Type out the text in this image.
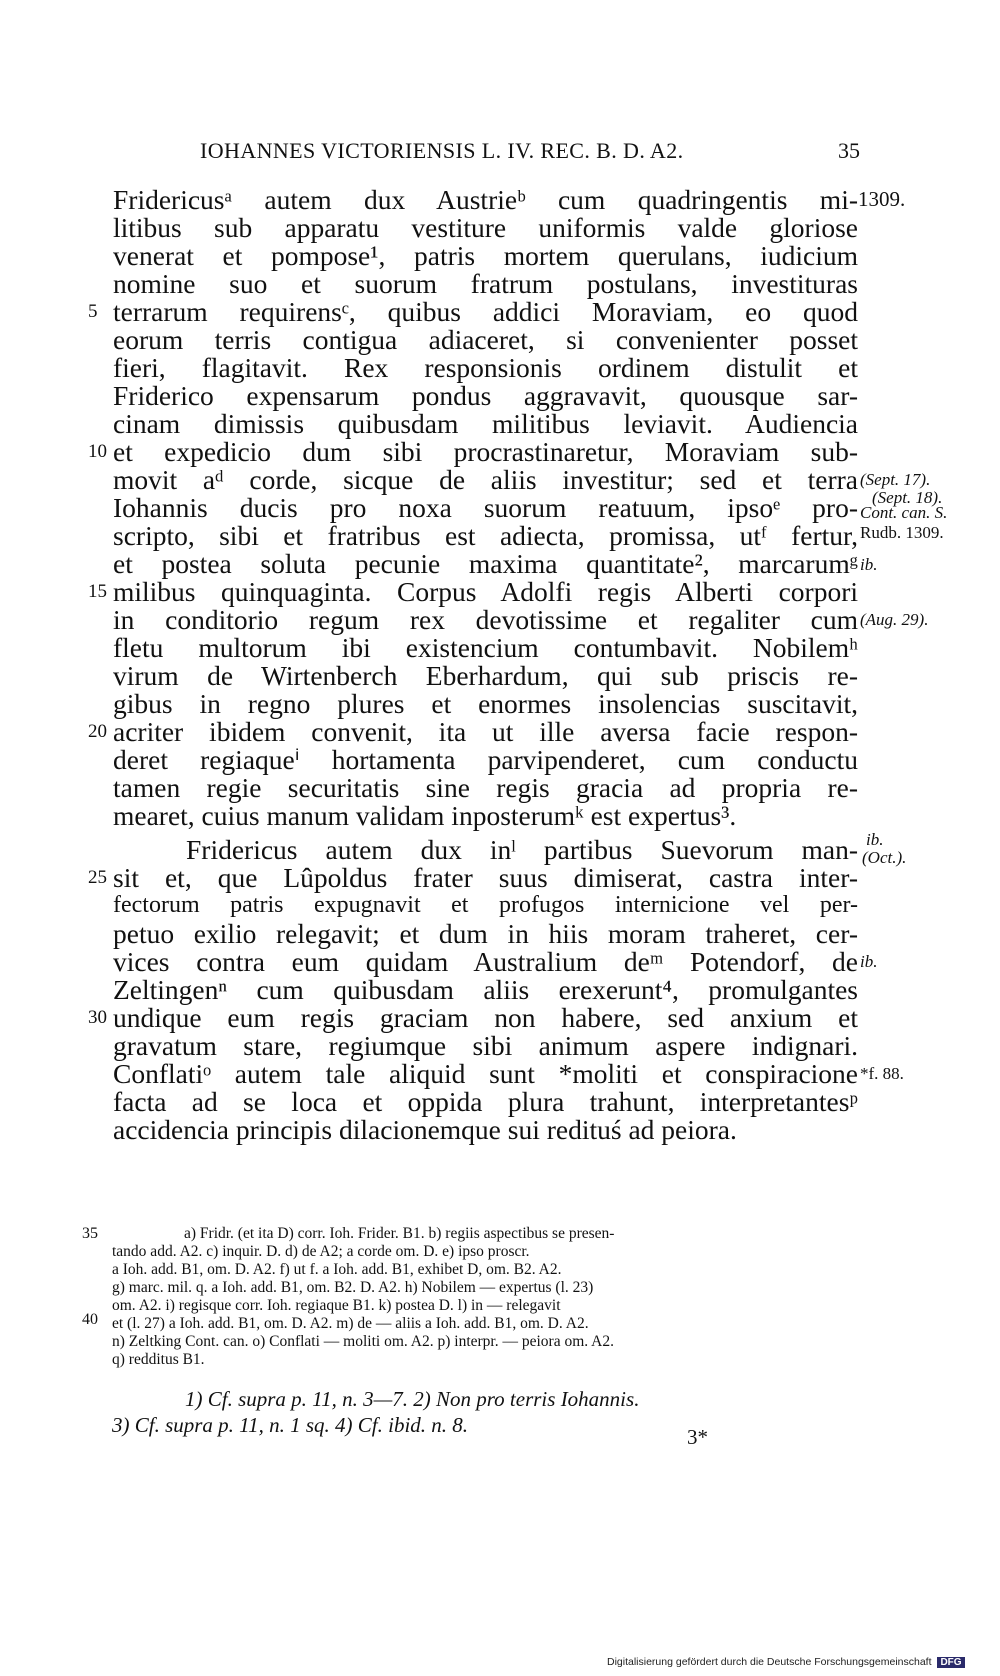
IOHANNES VICTORIENSIS L. IV. REC. B. D. A2.	35
Fridericusᵃ autem dux Austrieᵇ cum quadringentis mi-
litibus sub apparatu vestiture uniformis valde gloriose
venerat et pompose¹, patris mortem querulans, iudicium
nomine suo et suorum fratrum postulans, investituras
terrarum requirensᶜ, quibus addici Moraviam, eo quod
eorum terris contigua adiaceret, si convenienter posset
fieri, flagitavit. Rex responsionis ordinem distulit et
Friderico expensarum pondus aggravavit, quousque sar-
cinam dimissis quibusdam militibus leviavit. Audiencia
et expedicio dum sibi procrastinaretur, Moraviam sub-
movit aᵈ corde, sicque de aliis investitur; sed et terra
Iohannis ducis pro noxa suorum reatuum, ipsoᵉ pro-
scripto, sibi et fratribus est adiecta, promissa, utᶠ fertur,
et postea soluta pecunie maxima quantitate², marcarumᵍ
milibus quinquaginta. Corpus Adolfi regis Alberti corpori
in conditorio regum rex devotissime et regaliter cum
fletu multorum ibi existencium contumbavit. Nobilemʰ
virum de Wirtenberch Eberhardum, qui sub priscis re-
gibus in regno plures et enormes insolencias suscitavit,
acriter ibidem convenit, ita ut ille aversa facie respon-
deret regiaqueⁱ hortamenta parvipenderet, cum conductu
tamen regie securitatis sine regis gracia ad propria re-
mearet, cuius manum validam inposterumᵏ est expertus³.
Fridericus autem dux inˡ partibus Suevorum man-
sit et, que Lûpoldus frater suus dimiserat, castra inter-
fectorum patris expugnavit et profugos internicione vel per-
petuo exilio relegavit; et dum in hiis moram traheret, cer-
vices contra eum quidam Australium deᵐ Potendorf, de
Zeltingenⁿ cum quibusdam aliis erexerunt⁴, promulgantes
undique eum regis graciam non habere, sed anxium et
gravatum stare, regiumque sibi animum aspere indignari.
Conflatiᵒ autem tale aliquid sunt *moliti et conspiracione
facta ad se loca et oppida plura trahunt, interpretantesᵖ
accidencia principis dilacionemque sui redituś ad peiora.
5
10
15
20
25
30
1309.
(Sept. 17).
(Sept. 18).
Cont. can. S.
Rudb. 1309.
ib.
(Aug. 29).
ib.
(Oct.).
ib.
*f. 88.
35
40
a) Fridr. (et ita D) corr. Ioh. Frider. B1. b) regiis aspectibus se presen-
tando add. A2. c) inquir. D. d) de A2; a corde om. D. e) ipso proscr.
a Ioh. add. B1, om. D. A2. f) ut f. a Ioh. add. B1, exhibet D, om. B2. A2.
g) marc. mil. q. a Ioh. add. B1, om. B2. D. A2. h) Nobilem — expertus (l. 23)
om. A2. i) regisque corr. Ioh. regiaque B1. k) postea D. l) in — relegavit
et (l. 27) a Ioh. add. B1, om. D. A2. m) de — aliis a Ioh. add. B1, om. D. A2.
n) Zeltking Cont. can. o) Conflati — moliti om. A2. p) interpr. — peiora om. A2.
q) redditus B1.
1) Cf. supra p. 11, n. 3—7. 2) Non pro terris Iohannis.
3) Cf. supra p. 11, n. 1 sq. 4) Cf. ibid. n. 8.	3*
Digitalisierung gefördert durch die Deutsche Forschungsgemeinschaft DFG
